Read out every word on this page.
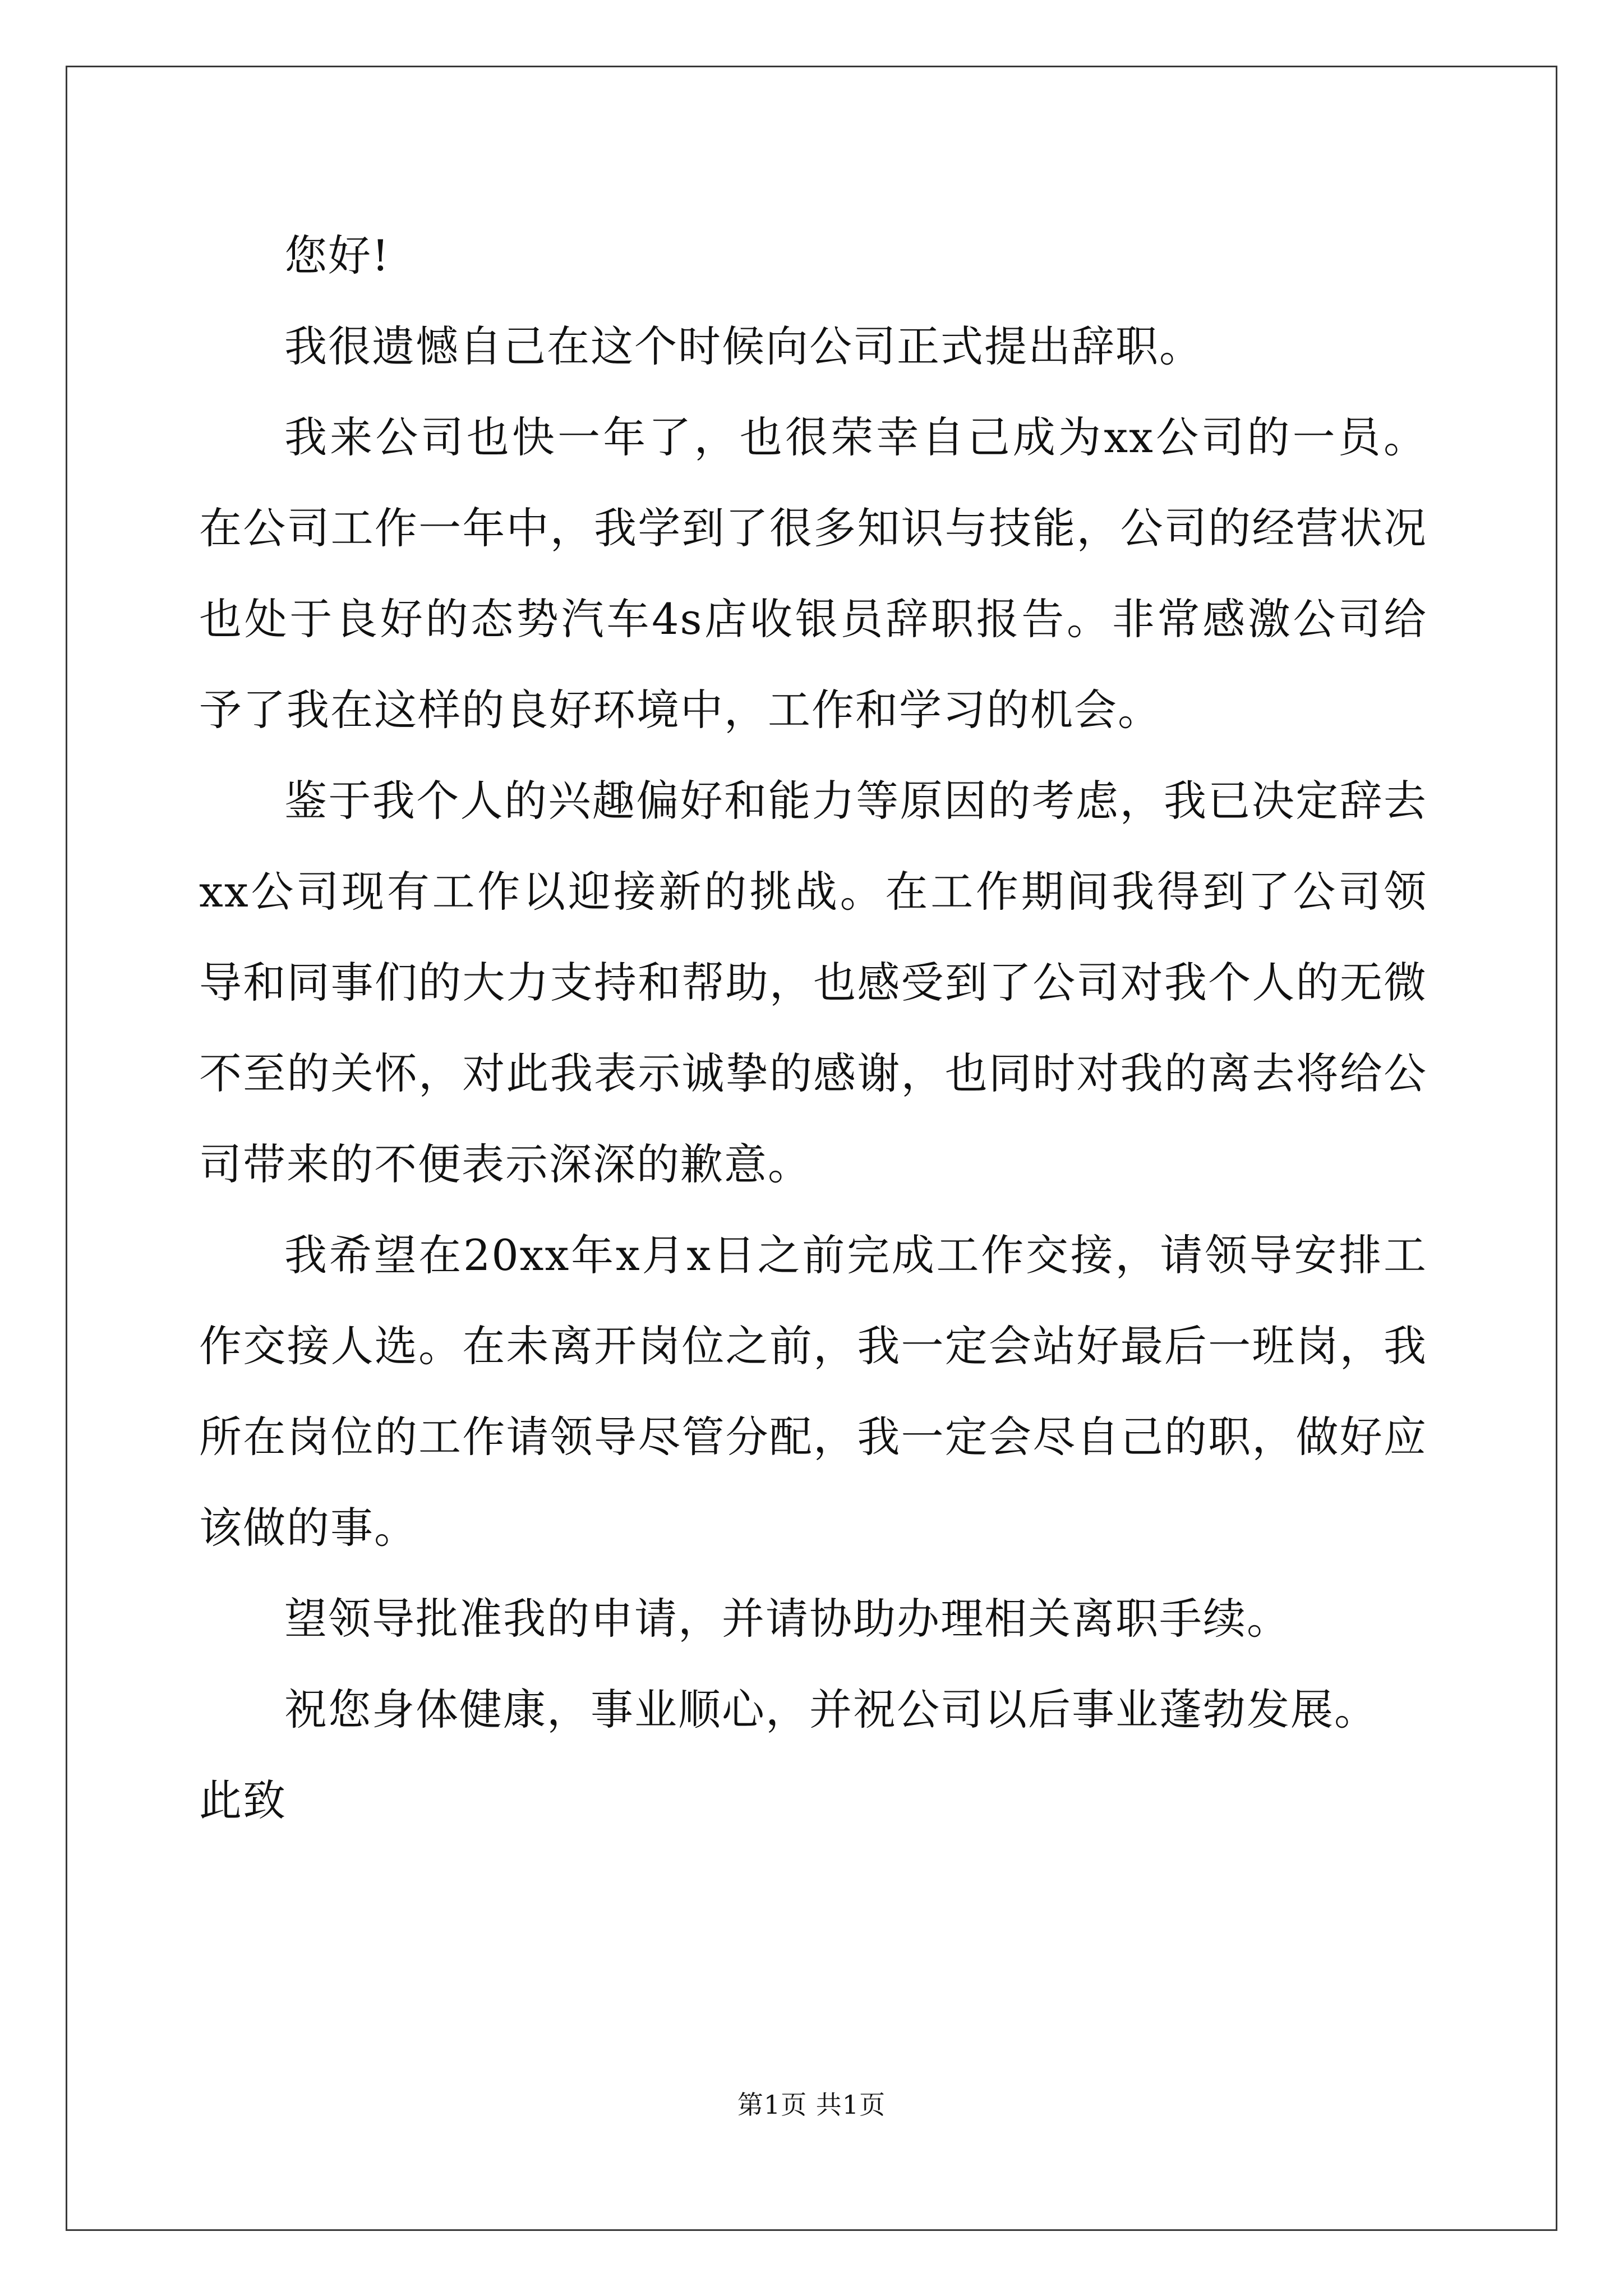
您好!

我很遗憾自己在这个时候向公司正式提出辞职。

我来公司也快一年了，也很荣幸自己成为xx公司的一员。在公司工作一年中，我学到了很多知识与技能，公司的经营状况也处于良好的态势汽车4s店收银员辞职报告。非常感激公司给予了我在这样的良好环境中，工作和学习的机会。

鉴于我个人的兴趣偏好和能力等原因的考虑，我已决定辞去xx公司现有工作以迎接新的挑战。在工作期间我得到了公司领导和同事们的大力支持和帮助，也感受到了公司对我个人的无微不至的关怀，对此我表示诚挚的感谢，也同时对我的离去将给公司带来的不便表示深深的歉意。

我希望在20xx年x月x日之前完成工作交接，请领导安排工作交接人选。在未离开岗位之前，我一定会站好最后一班岗，我所在岗位的工作请领导尽管分配，我一定会尽自己的职，做好应该做的事。

望领导批准我的申请，并请协助办理相关离职手续。

祝您身体健康，事业顺心，并祝公司以后事业蓬勃发展。

此致

第1页 共1页
